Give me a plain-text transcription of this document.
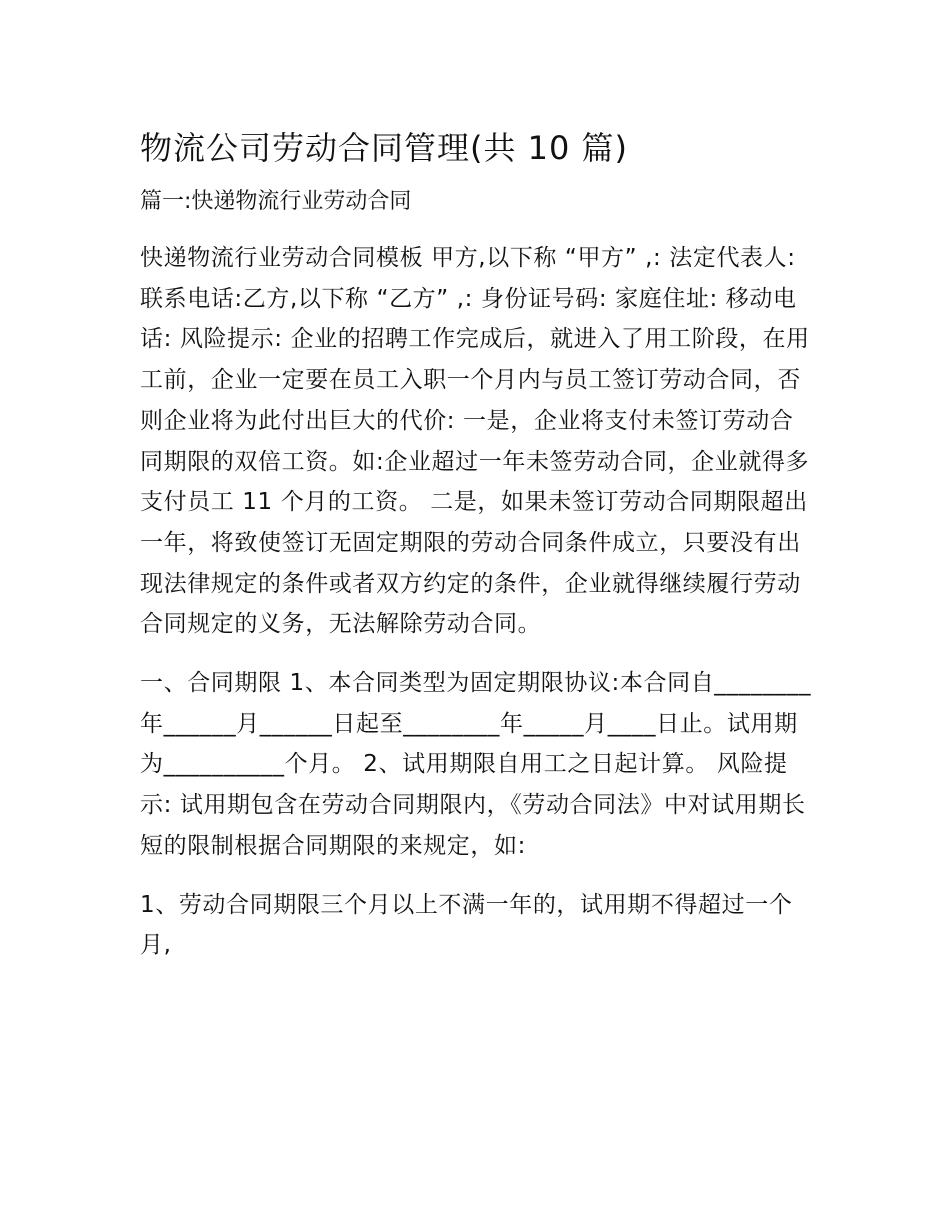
物流公司劳动合同管理(共 10 篇)
篇一:快递物流行业劳动合同

快递物流行业劳动合同模板 甲方,以下称 “甲方” ,: 法定代表人: 联系电话:乙方,以下称 “乙方” ,: 身份证号码: 家庭住址: 移动电话: 风险提示: 企业的招聘工作完成后，就进入了用工阶段，在用工前，企业一定要在员工入职一个月内与员工签订劳动合同，否则企业将为此付出巨大的代价: 一是，企业将支付未签订劳动合同期限的双倍工资。如:企业超过一年未签劳动合同，企业就得多支付员工 11 个月的工资。 二是，如果未签订劳动合同期限超出一年，将致使签订无固定期限的劳动合同条件成立，只要没有出现法律规定的条件或者双方约定的条件，企业就得继续履行劳动合同规定的义务，无法解除劳动合同。

一、合同期限 1、本合同类型为固定期限协议:本合同自________年______月______日起至________年_____月____日止。试用期为__________个月。 2、试用期限自用工之日起计算。 风险提示: 试用期包含在劳动合同期限内，《劳动合同法》中对试用期长短的限制根据合同期限的来规定，如:

1、劳动合同期限三个月以上不满一年的，试用期不得超过一个月,
